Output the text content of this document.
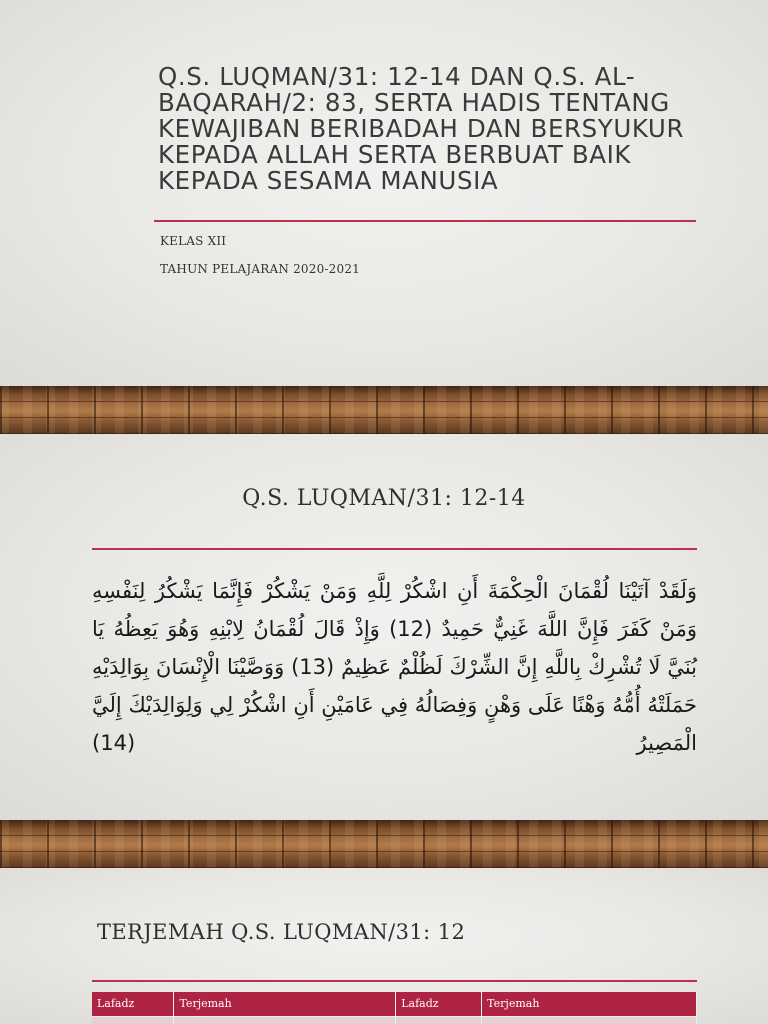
Q.S. LUQMAN/31: 12-14 DAN Q.S. AL-BAQARAH/2: 83, SERTA HADIS TENTANG KEWAJIBAN BERIBADAH DAN BERSYUKUR KEPADA ALLAH SERTA BERBUAT BAIK KEPADA SESAMA MANUSIA
KELAS XII
TAHUN PELAJARAN 2020-2021
Q.S. LUQMAN/31: 12-14
وَلَقَدْ آتَيْنَا لُقْمَانَ الْحِكْمَةَ أَنِ اشْكُرْ لِلَّهِ وَمَنْ يَشْكُرْ فَإِنَّمَا يَشْكُرُ لِنَفْسِهِ وَمَنْ كَفَرَ فَإِنَّ اللَّهَ غَنِيٌّ حَمِيدٌ (12) وَإِذْ قَالَ لُقْمَانُ لِابْنِهِ وَهُوَ يَعِظُهُ يَا بُنَيَّ لَا تُشْرِكْ بِاللَّهِ إِنَّ الشِّرْكَ لَظُلْمٌ عَظِيمٌ (13) وَوَصَّيْنَا الْإِنْسَانَ بِوَالِدَيْهِ حَمَلَتْهُ أُمُّهُ وَهْنًا عَلَى وَهْنٍ وَفِصَالُهُ فِي عَامَيْنِ أَنِ اشْكُرْ لِي وَلِوَالِدَيْكَ إِلَيَّ الْمَصِيرُ (14)
TERJEMAH Q.S. LUQMAN/31: 12
Lafadz	Terjemah	Lafadz	Terjemah
